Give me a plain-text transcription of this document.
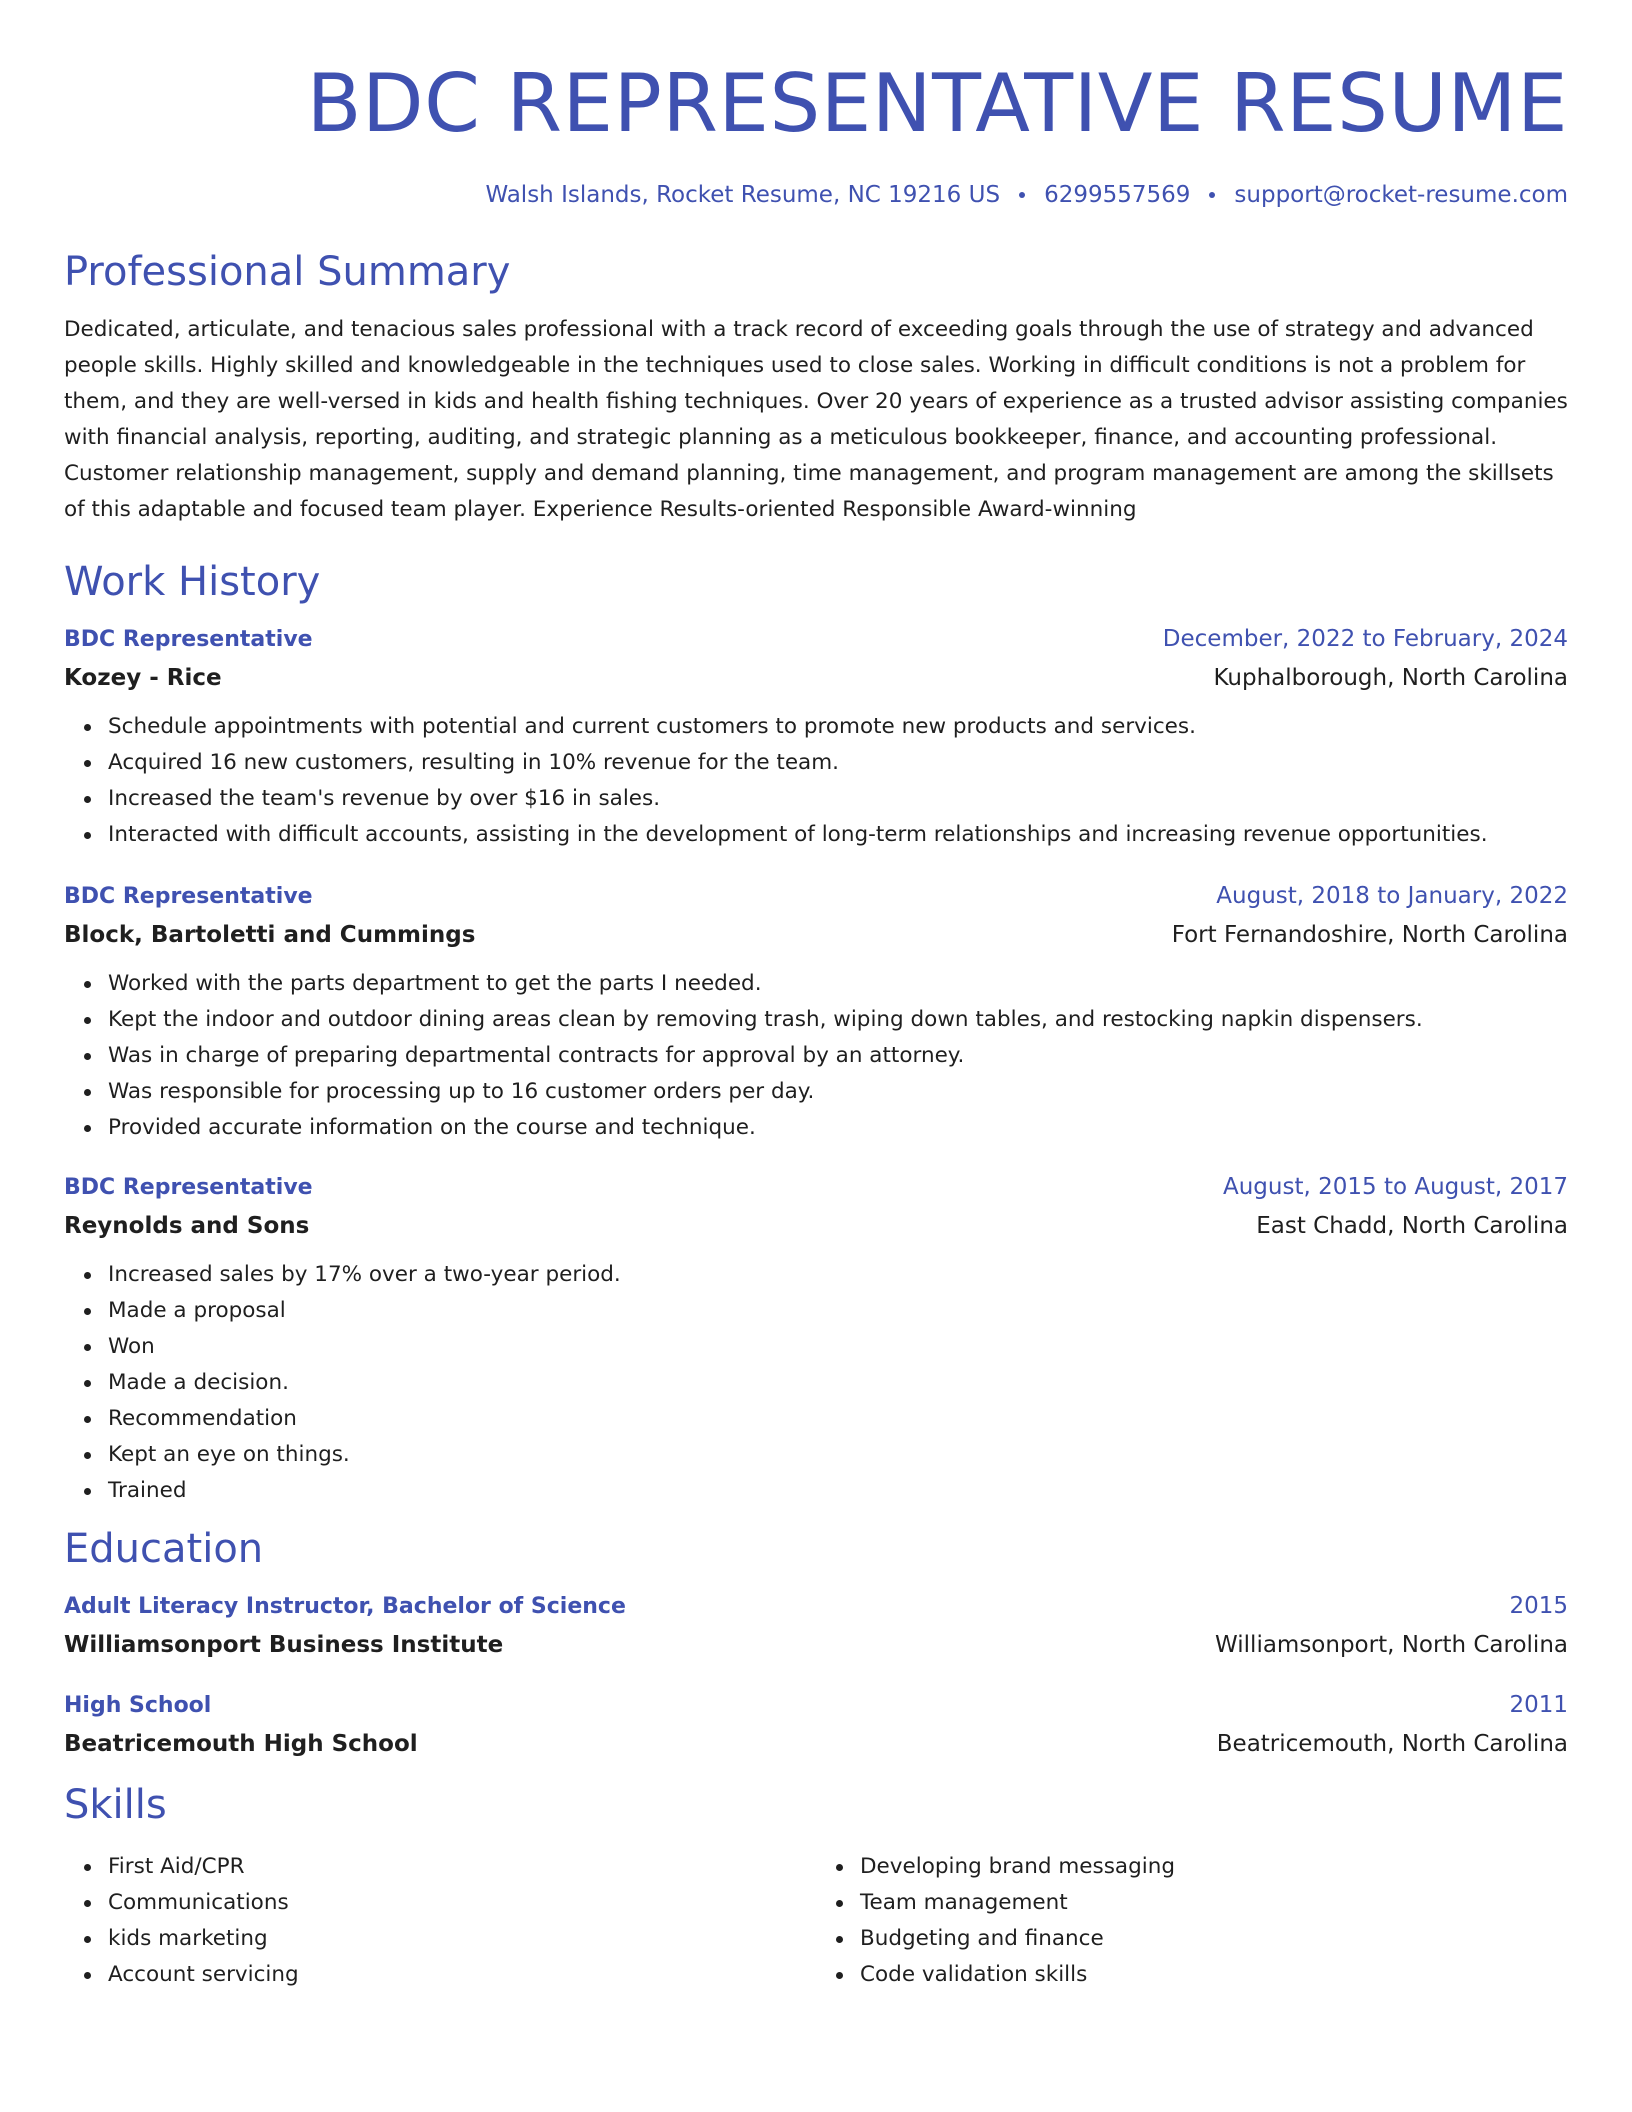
BDC REPRESENTATIVE RESUME
Walsh Islands, Rocket Resume, NC 19216 US 6299557569 support@rocket-resume.com
Professional Summary
Dedicated, articulate, and tenacious sales professional with a track record of exceeding goals through the use of strategy and advanced people skills. Highly skilled and knowledgeable in the techniques used to close sales. Working in difficult conditions is not a problem for them, and they are well-versed in kids and health fishing techniques. Over 20 years of experience as a trusted advisor assisting companies with financial analysis, reporting, auditing, and strategic planning as a meticulous bookkeeper, finance, and accounting professional. Customer relationship management, supply and demand planning, time management, and program management are among the skillsets of this adaptable and focused team player. Experience Results-oriented Responsible Award-winning
Work History
BDC Representative	December, 2022 to February, 2024
Kozey - Rice	Kuphalborough, North Carolina
Schedule appointments with potential and current customers to promote new products and services.
Acquired 16 new customers, resulting in 10% revenue for the team.
Increased the team's revenue by over $16 in sales.
Interacted with difficult accounts, assisting in the development of long-term relationships and increasing revenue opportunities.
BDC Representative	August, 2018 to January, 2022
Block, Bartoletti and Cummings	Fort Fernandoshire, North Carolina
Worked with the parts department to get the parts I needed.
Kept the indoor and outdoor dining areas clean by removing trash, wiping down tables, and restocking napkin dispensers.
Was in charge of preparing departmental contracts for approval by an attorney.
Was responsible for processing up to 16 customer orders per day.
Provided accurate information on the course and technique.
BDC Representative	August, 2015 to August, 2017
Reynolds and Sons	East Chadd, North Carolina
Increased sales by 17% over a two-year period.
Made a proposal
Won
Made a decision.
Recommendation
Kept an eye on things.
Trained
Education
Adult Literacy Instructor, Bachelor of Science	2015
Williamsonport Business Institute	Williamsonport, North Carolina
High School	2011
Beatricemouth High School	Beatricemouth, North Carolina
Skills
First Aid/CPR
Communications
kids marketing
Account servicing
Developing brand messaging
Team management
Budgeting and finance
Code validation skills
